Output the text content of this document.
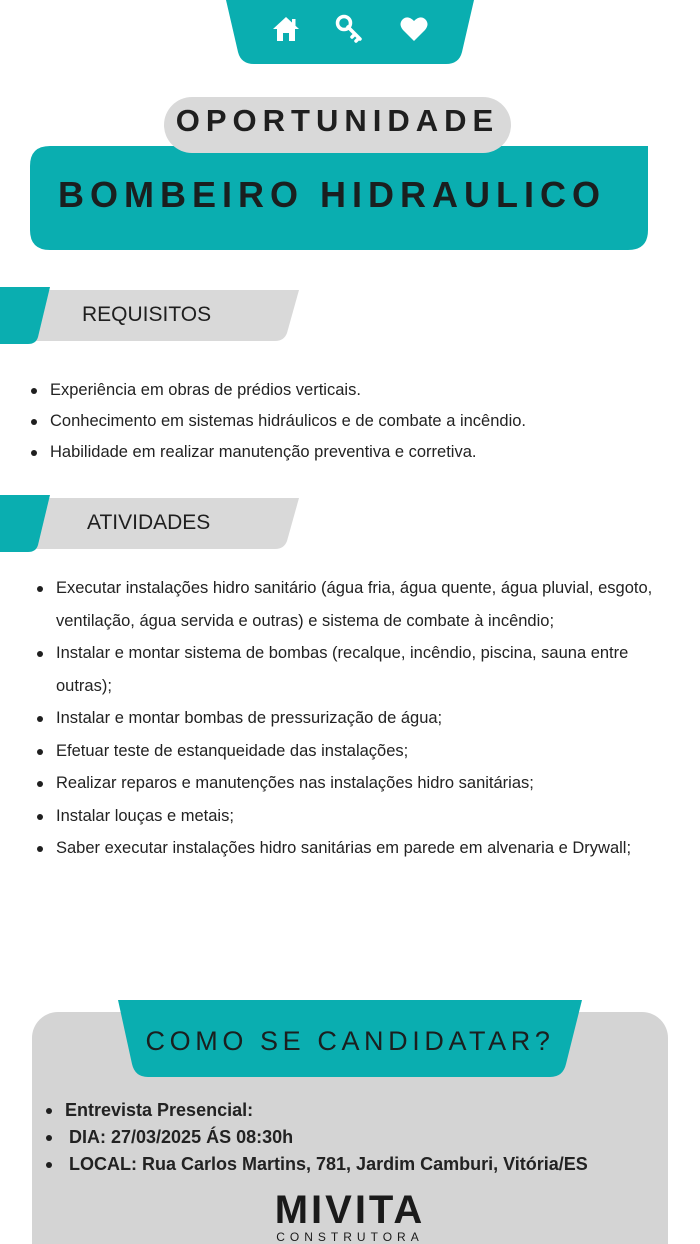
OPORTUNIDADE
BOMBEIRO HIDRAULICO
REQUISITOS
Experiência em obras de prédios verticais.
Conhecimento em sistemas hidráulicos e de combate a incêndio.
Habilidade em realizar manutenção preventiva e corretiva.
ATIVIDADES
Executar instalações hidro sanitário (água fria, água quente, água pluvial, esgoto, ventilação, água servida e outras) e sistema de combate à incêndio;
Instalar e montar sistema de bombas (recalque, incêndio, piscina, sauna entre outras);
Instalar e montar bombas de pressurização de água;
Efetuar teste de estanqueidade das instalações;
Realizar reparos e manutenções nas instalações hidro sanitárias;
Instalar louças e metais;
Saber executar instalações hidro sanitárias em parede em alvenaria e Drywall;
COMO SE CANDIDATAR?
Entrevista Presencial:
DIA: 27/03/2025 ÁS 08:30h
LOCAL: Rua Carlos Martins, 781, Jardim Camburi, Vitória/ES
MIVITA
CONSTRUTORA
